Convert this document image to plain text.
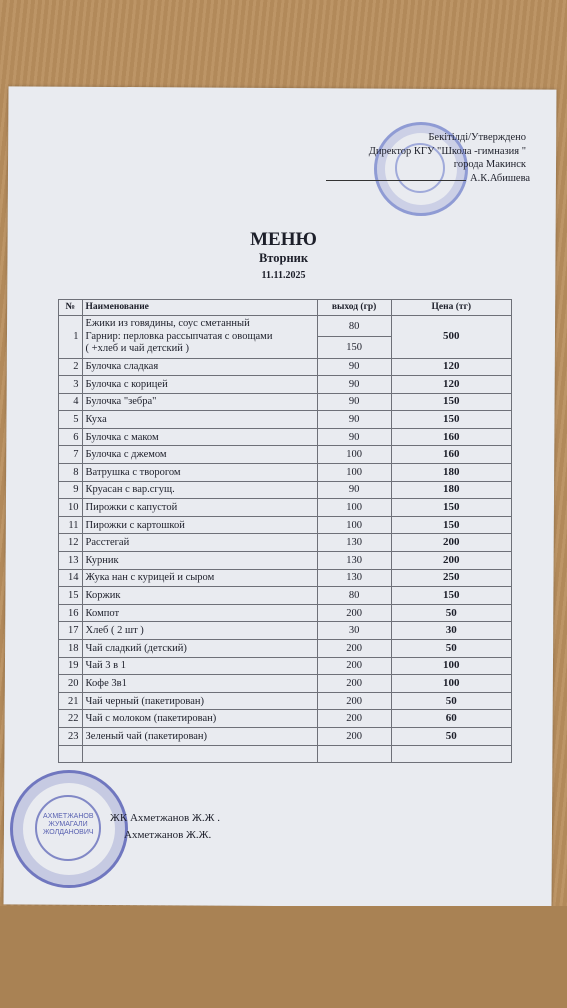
Бекітілді/Утверждено
Директор КГУ "Школа -гимназия "
города Макинск
А.К.Абишева
МЕНЮ
Вторник
11.11.2025
№	Наименование	выход (гр)	Цена (тг)
1	Ежики из говядины, соус сметанный
Гарнир: перловка рассыпчатая с овощами
( +хлеб и чай детский )	80	500
		150	
2	Булочка сладкая	90	120
3	Булочка с корицей	90	120
4	Булочка "зебра"	90	150
5	Куха	90	150
6	Булочка с маком	90	160
7	Булочка с джемом	100	160
8	Ватрушка с творогом	100	180
9	Круасан с вар.сгущ.	90	180
10	Пирожки с капустой	100	150
11	Пирожки с картошкой	100	150
12	Расстегай	130	200
13	Курник	130	200
14	Жука нан с курицей и сыром	130	250
15	Коржик	80	150
16	Компот	200	50
17	Хлеб ( 2 шт )	30	30
18	Чай сладкий (детский)	200	50
19	Чай 3 в 1	200	100
20	Кофе 3в1	200	100
21	Чай черный (пакетирован)	200	50
22	Чай с молоком (пакетирован)	200	60
23	Зеленый чай (пакетирован)	200	50

АХМЕТЖАНОВ ЖУМАГАЛИ ЖОЛДАНОВИЧ
ЖК Ахметжанов Ж.Ж .
Ахметжанов Ж.Ж.
